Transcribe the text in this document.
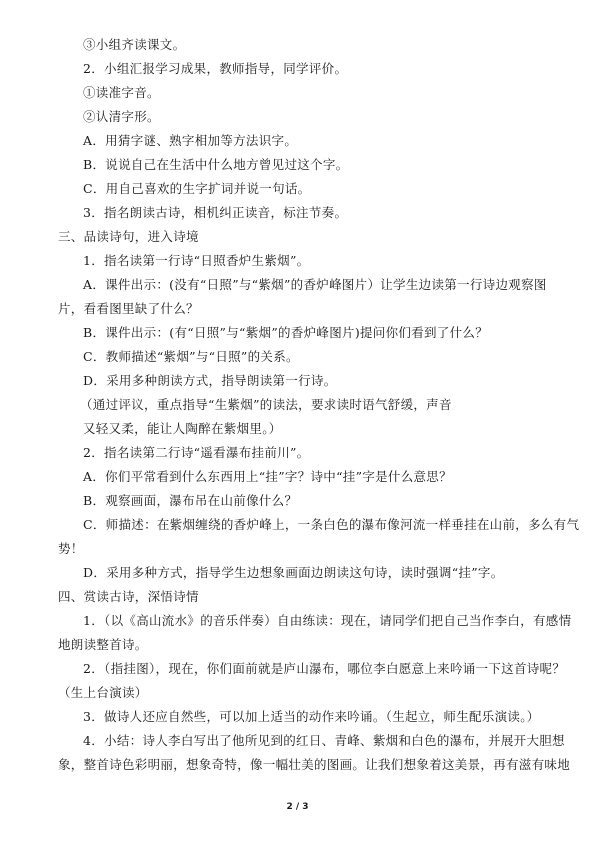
③小组齐读课文。

2．小组汇报学习成果，教师指导，同学评价。

①读准字音。

②认清字形。

A．用猜字谜、熟字相加等方法识字。

B．说说自己在生活中什么地方曾见过这个字。

C．用自己喜欢的生字扩词并说一句话。

3．指名朗读古诗，相机纠正读音，标注节奏。

三、品读诗句，进入诗境

1．指名读第一行诗“日照香炉生紫烟”。

A．课件出示：(没有“日照”与“紫烟”的香炉峰图片）让学生边读第一行诗边观察图

片，看看图里缺了什么？

B．课件出示：(有“日照”与“紫烟”的香炉峰图片)提问你们看到了什么？

C．教师描述“紫烟”与“日照”的关系。

D．采用多种朗读方式，指导朗读第一行诗。

（通过评议，重点指导“生紫烟”的读法，要求读时语气舒缓，声音

又轻又柔，能让人陶醉在紫烟里。）

2．指名读第二行诗“遥看瀑布挂前川”。

A．你们平常看到什么东西用上“挂”字？诗中“挂”字是什么意思？

B．观察画面，瀑布吊在山前像什么？

C．师描述：在紫烟缠绕的香炉峰上，一条白色的瀑布像河流一样垂挂在山前，多么有气

势！

D．采用多种方式，指导学生边想象画面边朗读这句诗，读时强调“挂”字。

四、赏读古诗，深悟诗情

1．（以《高山流水》的音乐伴奏）自由练读：现在，请同学们把自己当作李白，有感情

地朗读整首诗。

2．（指挂图），现在，你们面前就是庐山瀑布，哪位李白愿意上来吟诵一下这首诗呢？

（生上台演读）

3．做诗人还应自然些，可以加上适当的动作来吟诵。（生起立，师生配乐演读。）

4．小结：诗人李白写出了他所见到的红日、青峰、紫烟和白色的瀑布，并展开大胆想

象，整首诗色彩明丽，想象奇特，像一幅壮美的图画。让我们想象着这美景，再有滋有味地

2 / 3
